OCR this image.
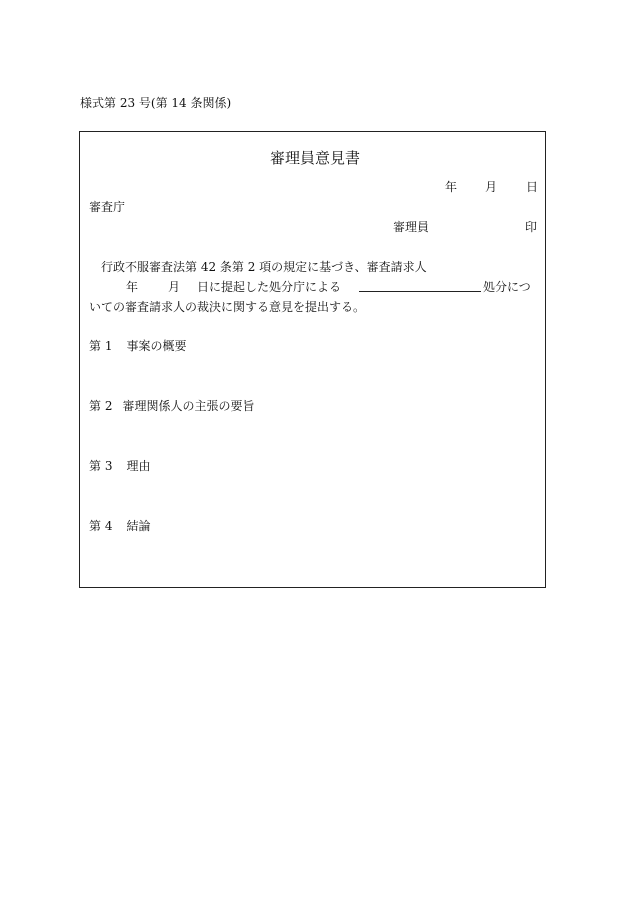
様式第 23 号(第 14 条関係)
審理員意見書
年 月 日
審査庁
審理員	印
行政不服審査法第 42 条第 2 項の規定に基づき、審査請求人
年 月 日に提起した処分庁による	処分につ
いての審査請求人の裁決に関する意見を提出する。
第 1 事案の概要
第 2 審理関係人の主張の要旨
第 3 理由
第 4 結論
